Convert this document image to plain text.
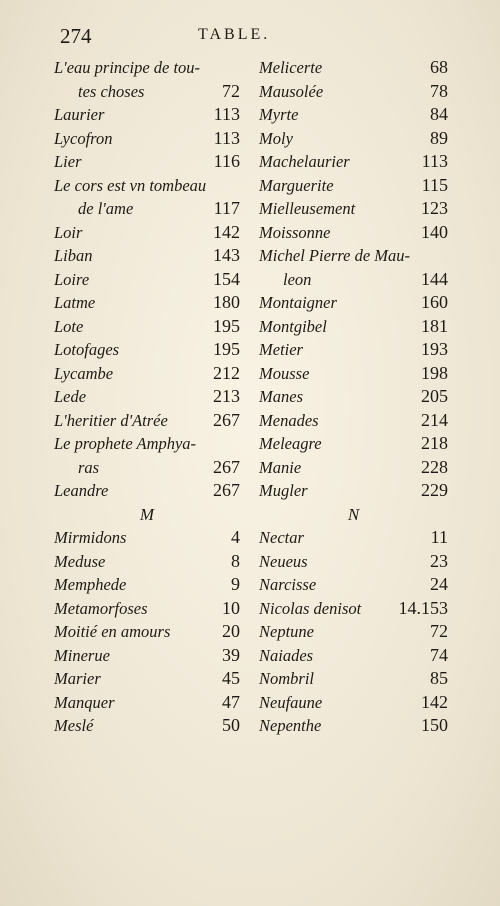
274	TABLE.
L'eau principe de tou-
tes choses	72
Laurier	113
Lycofron	113
Lier	116
Le cors est vn tombeau
de l'ame	117
Loir	142
Liban	143
Loire	154
Latme	180
Lote	195
Lotofages	195
Lycambe	212
Lede	213
L'heritier d'Atrée	267
Le prophete Amphya-
ras	267
Leandre	267
M
Mirmidons	4
Meduse	8
Memphede	9
Metamorfoses	10
Moitié en amours	20
Minerue	39
Marier	45
Manquer	47
Meslé	50
Melicerte	68
Mausolée	78
Myrte	84
Moly	89
Machelaurier	113
Marguerite	115
Mielleusement	123
Moissonne	140
Michel Pierre de Mau-
leon	144
Montaigner	160
Montgibel	181
Metier	193
Mousse	198
Manes	205
Menades	214
Meleagre	218
Manie	228
Mugler	229
N
Nectar	11
Neueus	23
Narcisse	24
Nicolas denisot 14.153
Neptune	72
Naiades	74
Nombril	85
Neufaune	142
Nepenthe	150
